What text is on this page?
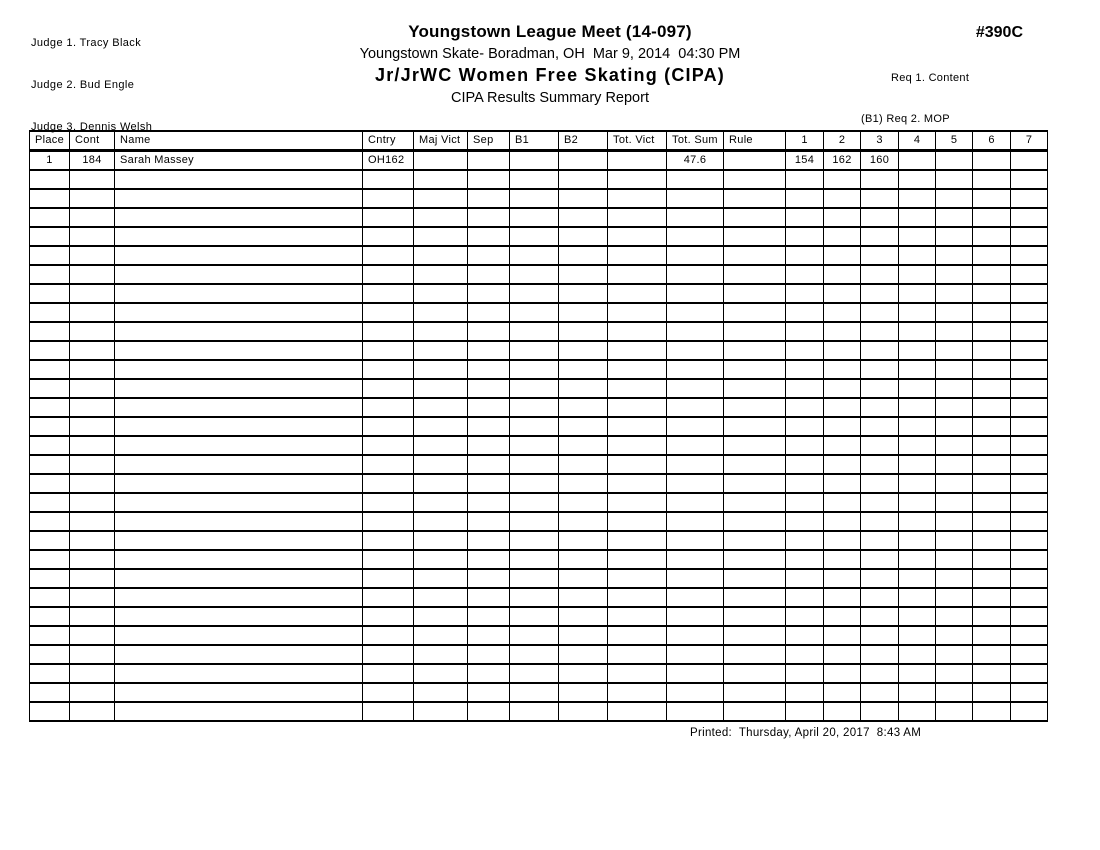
Judge 1. Tracy Black

Judge 2. Bud Engle

Judge 3. Dennis Welsh

Youngstown League Meet (14-097)
Youngstown Skate- Boradman, OH  Mar 9, 2014  04:30 PM
Jr/JrWC Women Free Skating (CIPA)
CIPA Results Summary Report
#390C

Req 1. Content

(B1) Req 2. MOP

Place	Cont	Name	Cntry	Maj Vict	Sep	B1	B2	Tot. Vict	Tot. Sum	Rule	1	2	3	4	5	6	7
1	184	Sarah Massey	OH162						47.6		154	162	160				

Printed:  Thursday, April 20, 2017  8:43 AM
